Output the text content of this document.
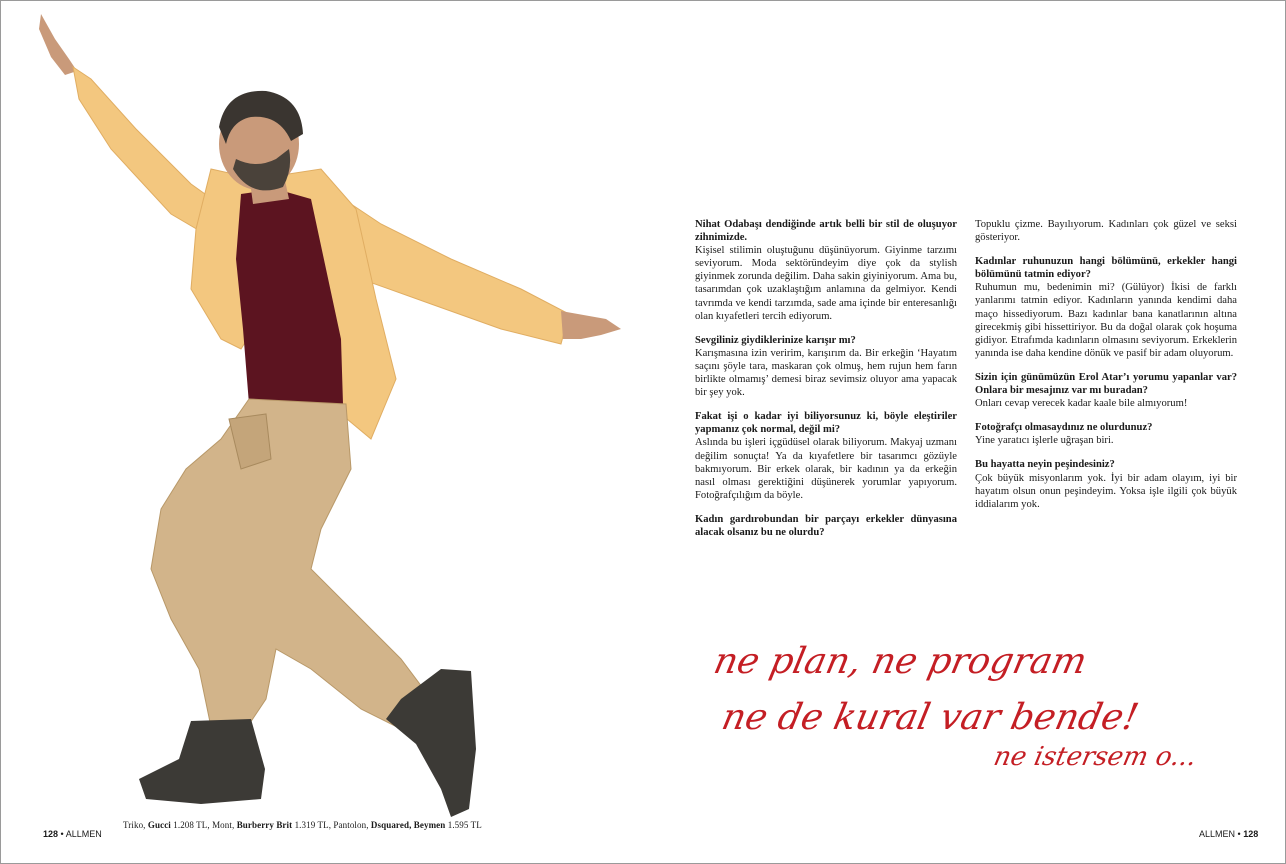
Triko, Gucci 1.208 TL, Mont, Burberry Brit 1.319 TL, Pantolon, Dsquared, Beymen 1.595 TL
128 • ALLMEN	ALLMEN • 128
Nihat Odabaşı dendiğinde artık belli bir stil de oluşuyor zihnimizde.
Kişisel stilimin oluştuğunu düşünüyorum. Giyinme tarzımı seviyorum. Moda sektöründeyim diye çok da stylish giyinmek zorunda değilim. Daha sakin giyiniyorum. Ama bu, tasarımdan çok uzaklaştığım anlamına da gelmiyor. Kendi tavrımda ve kendi tarzımda, sade ama içinde bir enteresanlığı olan kıyafetleri tercih ediyorum.
Sevgiliniz giydiklerinize karışır mı?
Karışmasına izin veririm, karışırım da. Bir erkeğin ‘Hayatım saçını şöyle tara, maskaran çok olmuş, hem rujun hem farın birlikte olmamış’ demesi biraz sevimsiz oluyor ama yapacak bir şey yok.
Fakat işi o kadar iyi biliyorsunuz ki, böyle eleştiriler yapmanız çok normal, değil mi?
Aslında bu işleri içgüdüsel olarak biliyorum. Makyaj uzmanı değilim sonuçta! Ya da kıyafetlere bir tasarımcı gözüyle bakmıyorum. Bir erkek olarak, bir kadının ya da erkeğin nasıl olması gerektiğini düşünerek yorumlar yapıyorum. Fotoğrafçılığım da böyle.
Kadın gardırobundan bir parçayı erkekler dünyasına alacak olsanız bu ne olurdu?
Topuklu çizme. Bayılıyorum. Kadınları çok güzel ve seksi gösteriyor.
Kadınlar ruhunuzun hangi bölümünü, erkekler hangi bölümünü tatmin ediyor?
Ruhumun mu, bedenimin mi? (Gülüyor) İkisi de farklı yanlarımı tatmin ediyor. Kadınların yanında kendimi daha maço hissediyorum. Bazı kadınlar bana kanatlarının altına girecekmiş gibi hissettiriyor. Bu da doğal olarak çok hoşuma gidiyor. Etrafımda kadınların olmasını seviyorum. Erkeklerin yanında ise daha kendine dönük ve pasif bir adam oluyorum.
Sizin için günümüzün Erol Atar’ı yorumu yapanlar var? Onlara bir mesajınız var mı buradan?
Onları cevap verecek kadar kaale bile almıyorum!
Fotoğrafçı olmasaydınız ne olurdunuz?
Yine yaratıcı işlerle uğraşan biri.
Bu hayatta neyin peşindesiniz?
Çok büyük misyonlarım yok. İyi bir adam olayım, iyi bir hayatım olsun onun peşindeyim. Yoksa işle ilgili çok büyük iddialarım yok.
ne plan, ne program
ne de kural var bende!
ne istersem o...
